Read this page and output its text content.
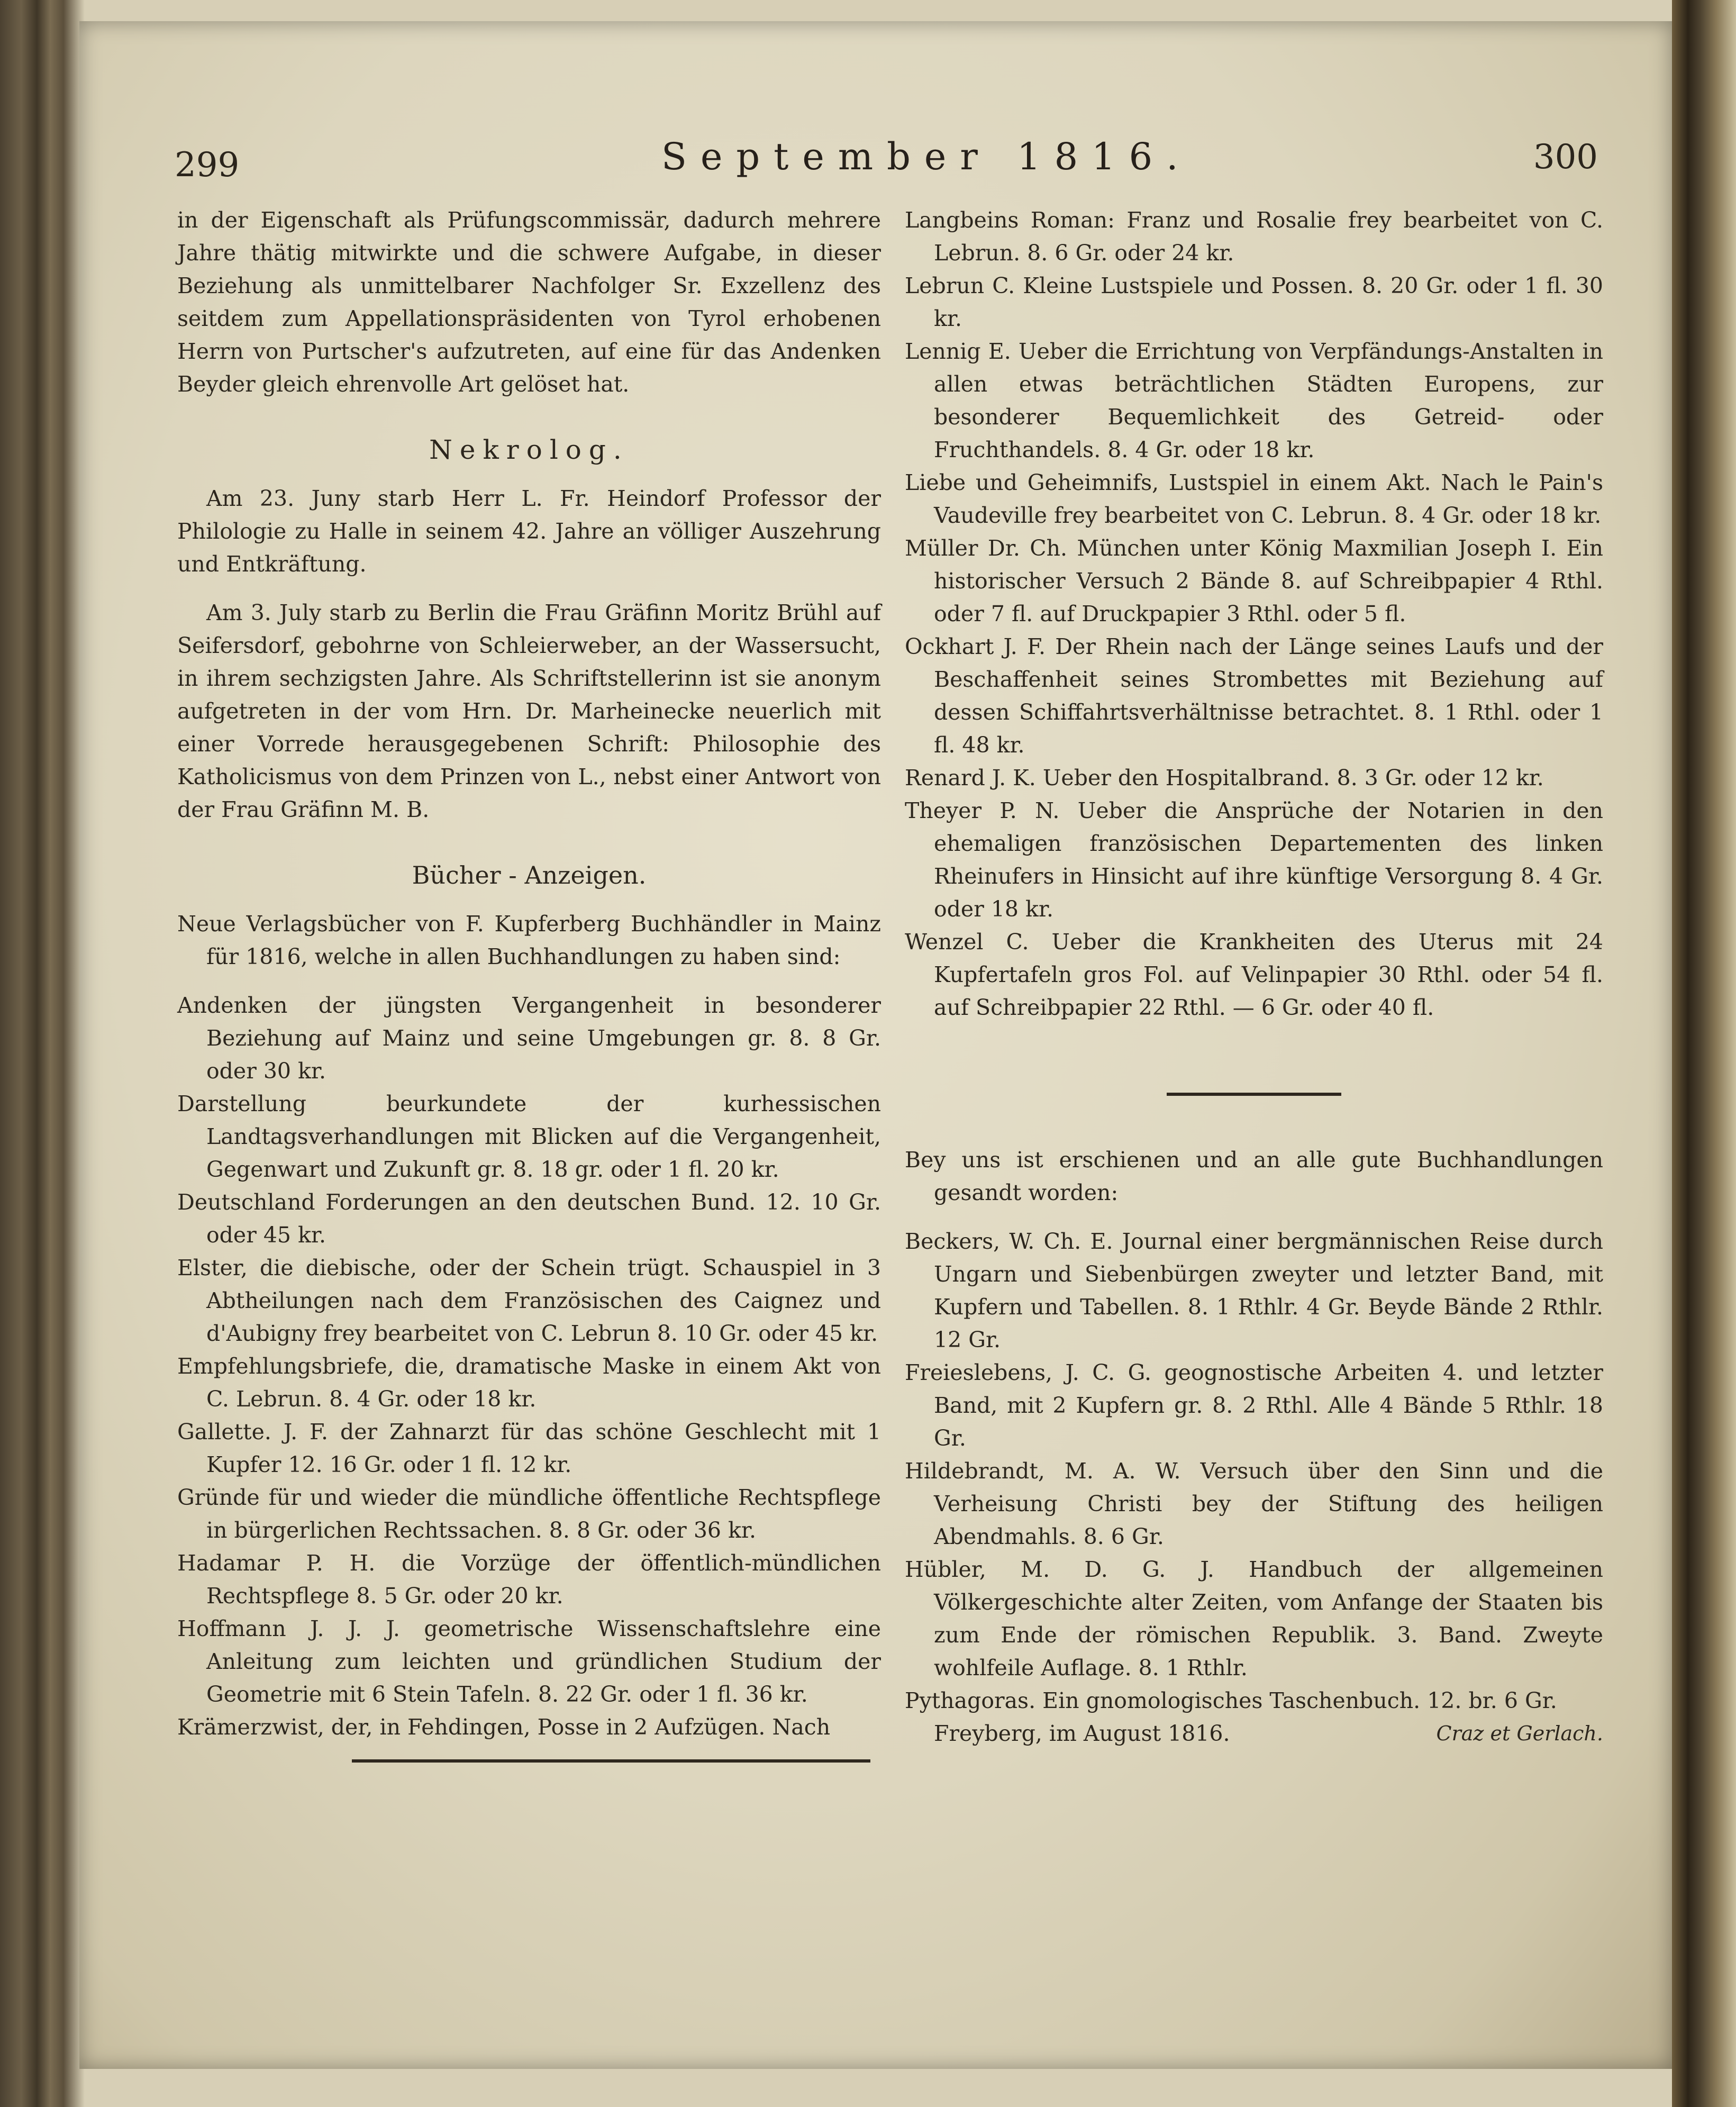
299	September 1816.	300

in der Eigenschaft als Prüfungscommissär, dadurch mehrere Jahre thätig mitwirkte und die schwere Aufgabe, in dieser Beziehung als unmittelbarer Nachfolger Sr. Exzellenz des seitdem zum Appellationspräsidenten von Tyrol erhobenen Herrn von Purtscher's aufzutreten, auf eine für das Andenken Beyder gleich ehrenvolle Art gelöset hat.

Nekrolog.

Am 23. Juny starb Herr L. Fr. Heindorf Professor der Philologie zu Halle in seinem 42. Jahre an völliger Auszehrung und Entkräftung.

Am 3. July starb zu Berlin die Frau Gräfinn Moritz Brühl auf Seifersdorf, gebohrne von Schleierweber, an der Wassersucht, in ihrem sechzigsten Jahre. Als Schriftstellerinn ist sie anonym aufgetreten in der vom Hrn. Dr. Marheinecke neuerlich mit einer Vorrede herausgegebenen Schrift: Philosophie des Katholicismus von dem Prinzen von L., nebst einer Antwort von der Frau Gräfinn M. B.

Bücher - Anzeigen.

Neue Verlagsbücher von F. Kupferberg Buchhändler in Mainz für 1816, welche in allen Buchhandlungen zu haben sind:

Andenken der jüngsten Vergangenheit in besonderer Beziehung auf Mainz und seine Umgebungen gr. 8. 8 Gr. oder 30 kr.

Darstellung beurkundete der kurhessischen Landtagsverhandlungen mit Blicken auf die Vergangenheit, Gegenwart und Zukunft gr. 8. 18 gr. oder 1 fl. 20 kr.

Deutschland Forderungen an den deutschen Bund. 12. 10 Gr. oder 45 kr.

Elster, die diebische, oder der Schein trügt. Schauspiel in 3 Abtheilungen nach dem Französischen des Caignez und d'Aubigny frey bearbeitet von C. Lebrun 8. 10 Gr. oder 45 kr.

Empfehlungsbriefe, die, dramatische Maske in einem Akt von C. Lebrun. 8. 4 Gr. oder 18 kr.

Gallette. J. F. der Zahnarzt für das schöne Geschlecht mit 1 Kupfer 12. 16 Gr. oder 1 fl. 12 kr.

Gründe für und wieder die mündliche öffentliche Rechtspflege in bürgerlichen Rechtssachen. 8. 8 Gr. oder 36 kr.

Hadamar P. H. die Vorzüge der öffentlich-mündlichen Rechtspflege 8. 5 Gr. oder 20 kr.

Hoffmann J. J. J. geometrische Wissenschaftslehre eine Anleitung zum leichten und gründlichen Studium der Geometrie mit 6 Stein Tafeln. 8. 22 Gr. oder 1 fl. 36 kr.

Krämerzwist, der, in Fehdingen, Posse in 2 Aufzügen. Nach

Langbeins Roman: Franz und Rosalie frey bearbeitet von C. Lebrun. 8. 6 Gr. oder 24 kr.

Lebrun C. Kleine Lustspiele und Possen. 8. 20 Gr. oder 1 fl. 30 kr.

Lennig E. Ueber die Errichtung von Verpfändungs-Anstalten in allen etwas beträchtlichen Städten Europens, zur besonderer Bequemlichkeit des Getreid- oder Fruchthandels. 8. 4 Gr. oder 18 kr.

Liebe und Geheimnifs, Lustspiel in einem Akt. Nach le Pain's Vaudeville frey bearbeitet von C. Lebrun. 8. 4 Gr. oder 18 kr.

Müller Dr. Ch. München unter König Maxmilian Joseph I. Ein historischer Versuch 2 Bände 8. auf Schreibpapier 4 Rthl. oder 7 fl. auf Druckpapier 3 Rthl. oder 5 fl.

Ockhart J. F. Der Rhein nach der Länge seines Laufs und der Beschaffenheit seines Strombettes mit Beziehung auf dessen Schiffahrtsverhältnisse betrachtet. 8. 1 Rthl. oder 1 fl. 48 kr.

Renard J. K. Ueber den Hospitalbrand. 8. 3 Gr. oder 12 kr.

Theyer P. N. Ueber die Ansprüche der Notarien in den ehemaligen französischen Departementen des linken Rheinufers in Hinsicht auf ihre künftige Versorgung 8. 4 Gr. oder 18 kr.

Wenzel C. Ueber die Krankheiten des Uterus mit 24 Kupfertafeln gros Fol. auf Velinpapier 30 Rthl. oder 54 fl. auf Schreibpapier 22 Rthl. — 6 Gr. oder 40 fl.

Bey uns ist erschienen und an alle gute Buchhandlungen gesandt worden:

Beckers, W. Ch. E. Journal einer bergmännischen Reise durch Ungarn und Siebenbürgen zweyter und letzter Band, mit Kupfern und Tabellen. 8. 1 Rthlr. 4 Gr. Beyde Bände 2 Rthlr. 12 Gr.

Freieslebens, J. C. G. geognostische Arbeiten 4. und letzter Band, mit 2 Kupfern gr. 8. 2 Rthl. Alle 4 Bände 5 Rthlr. 18 Gr.

Hildebrandt, M. A. W. Versuch über den Sinn und die Verheisung Christi bey der Stiftung des heiligen Abendmahls. 8. 6 Gr.

Hübler, M. D. G. J. Handbuch der allgemeinen Völkergeschichte alter Zeiten, vom Anfange der Staaten bis zum Ende der römischen Republik. 3. Band. Zweyte wohlfeile Auflage. 8. 1 Rthlr.

Pythagoras. Ein gnomologisches Taschenbuch. 12. br. 6 Gr.

Freyberg, im August 1816.	Craz et Gerlach.
